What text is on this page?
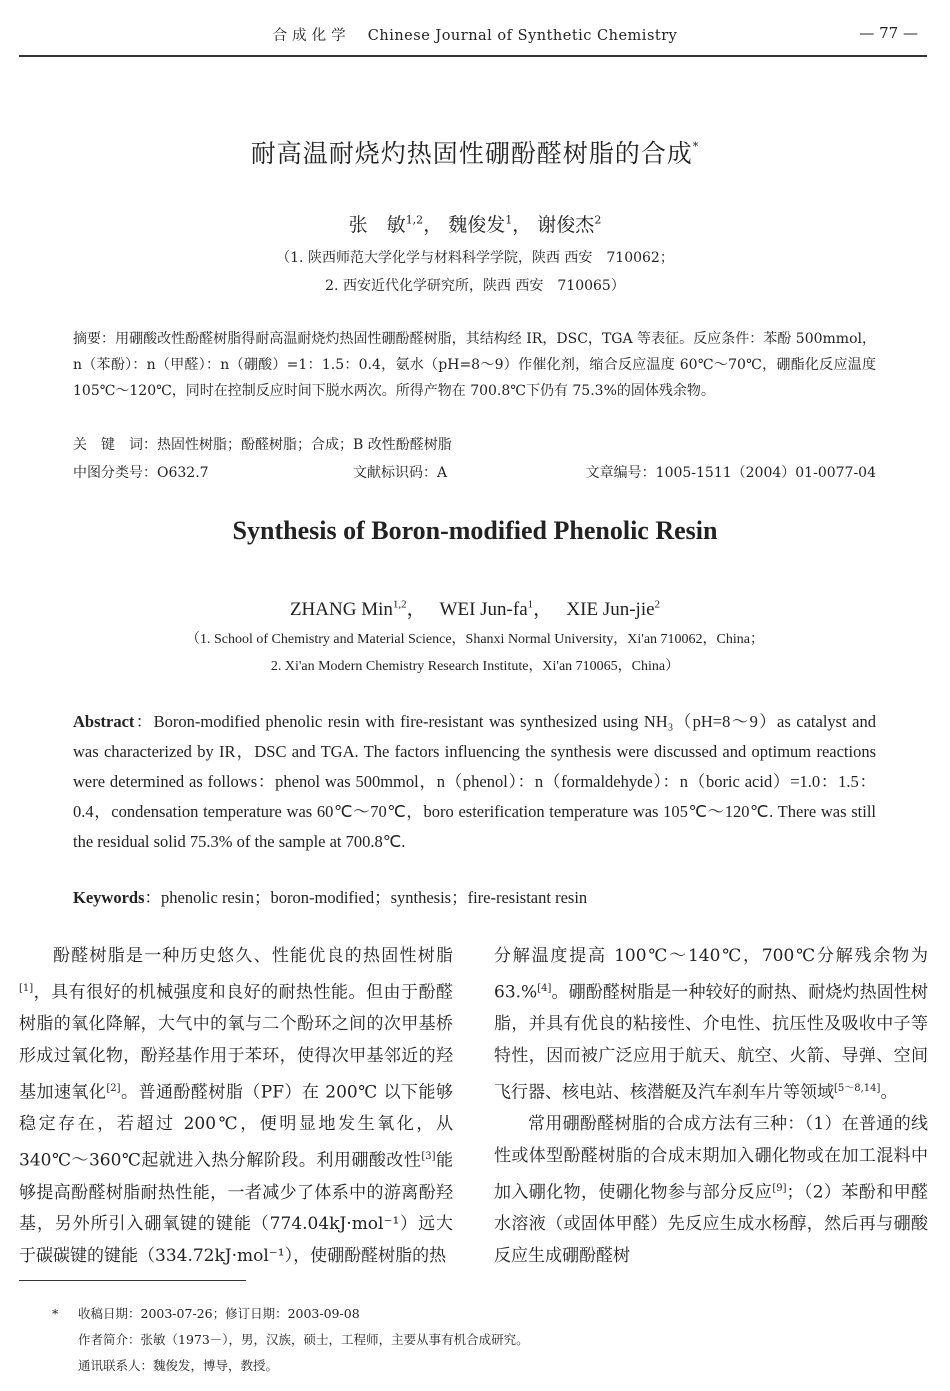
合成化学 Chinese Journal of Synthetic Chemistry	— 77 —
耐高温耐烧灼热固性硼酚醛树脂的合成*
张　敏$^{1,2}$， 魏俊发$^1$， 谢俊杰$^2$
（1. 陕西师范大学化学与材料科学学院，陕西 西安　710062；
2. 西安近代化学研究所，陕西 西安　710065）
摘要：用硼酸改性酚醛树脂得耐高温耐烧灼热固性硼酚醛树脂，其结构经 IR，DSC，TGA 等表征。反应条件：苯酚 500mmol，n（苯酚）：n（甲醛）：n（硼酸）=1：1.5：0.4，氨水（pH=8～9）作催化剂，缩合反应温度 60℃～70℃，硼酯化反应温度 105℃～120℃，同时在控制反应时间下脱水两次。所得产物在 700.8℃下仍有 75.3%的固体残余物。
关　键　词：热固性树脂；酚醛树脂；合成；B 改性酚醛树脂
中图分类号：O632.7	文献标识码：A	文章编号：1005-1511（2004）01-0077-04
Synthesis of Boron-modified Phenolic Resin
ZHANG Min$^{1,2}$，　 WEI Jun-$fa^1$，　 XIE Jun-jie$^2$
（1. School of Chemistry and Material Science，Shanxi Normal University，Xi'an 710062，China；
2. Xi'an Modern Chemistry Research Institute，Xi'an 710065，China）
Abstract：Boron-modified phenolic resin with fire-resistant was synthesized using NH₃（pH=8～9）as catalyst and was characterized by IR，DSC and TGA. The factors influencing the synthesis were discussed and optimum reactions were determined as follows：phenol was 500mmol，n（phenol）：n（formaldehyde）：n（boric acid）=1.0：1.5：0.4，condensation temperature was 60℃～70℃，boro esterification temperature was 105℃～120℃. There was still the residual solid 75.3% of the sample at 700.8℃.
Keywords：phenolic resin；boron-modified；synthesis；fire-resistant resin

酚醛树脂是一种历史悠久、性能优良的热固性树脂[1]，具有很好的机械强度和良好的耐热性能。但由于酚醛树脂的氧化降解，大气中的氧与二个酚环之间的次甲基桥形成过氧化物，酚羟基作用于苯环，使得次甲基邻近的羟基加速氧化[2]。普通酚醛树脂（PF）在 200℃ 以下能够稳定存在，若超过 200℃，便明显地发生氧化，从 340℃～360℃起就进入热分解阶段。利用硼酸改性[3]能够提高酚醛树脂耐热性能，一者减少了体系中的游离酚羟基，另外所引入硼氧键的键能（774.04kJ·mol⁻¹）远大于碳碳键的键能（334.72kJ·mol⁻¹），使硼酚醛树脂的热

分解温度提高 100℃～140℃，700℃分解残余物为 63.%[4]。硼酚醛树脂是一种较好的耐热、耐烧灼热固性树脂，并具有优良的粘接性、介电性、抗压性及吸收中子等特性，因而被广泛应用于航天、航空、火箭、导弹、空间飞行器、核电站、核潜艇及汽车刹车片等领域[5～8,14]。

常用硼酚醛树脂的合成方法有三种：（1）在普通的线性或体型酚醛树脂的合成末期加入硼化物或在加工混料中加入硼化物，使硼化物参与部分反应[9]；（2）苯酚和甲醛水溶液（或固体甲醛）先反应生成水杨醇，然后再与硼酸反应生成硼酚醛树

* 收稿日期：2003-07-26；修订日期：2003-09-08
作者简介：张敏（1973－），男，汉族，硕士，工程师，主要从事有机合成研究。
通讯联系人：魏俊发，博导，教授。
